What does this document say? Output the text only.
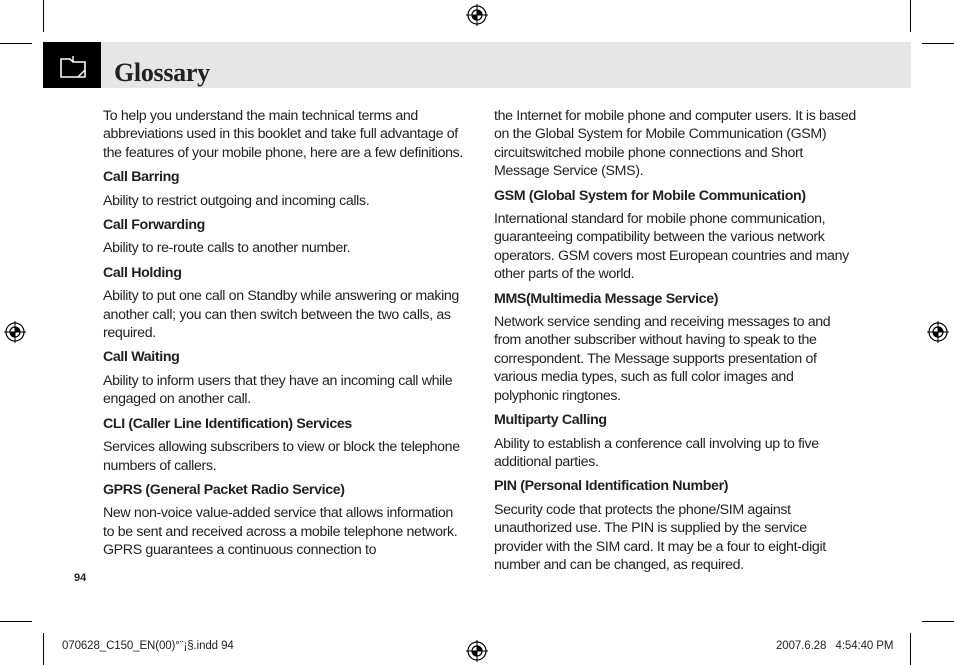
Glossary

To help you understand the main technical terms and abbreviations used in this booklet and take full advantage of the features of your mobile phone, here are a few definitions.

Call Barring

Ability to restrict outgoing and incoming calls.

Call Forwarding

Ability to re-route calls to another number.

Call Holding

Ability to put one call on Standby while answering or making another call; you can then switch between the two calls, as required.

Call Waiting

Ability to inform users that they have an incoming call while engaged on another call.

CLI (Caller Line Identification) Services

Services allowing subscribers to view or block the telephone numbers of callers.

GPRS (General Packet Radio Service)

New non-voice value-added service that allows information to be sent and received across a mobile telephone network. GPRS guarantees a continuous connection to

the Internet for mobile phone and computer users. It is based on the Global System for Mobile Communication (GSM) circuitswitched mobile phone connections and Short Message Service (SMS).

GSM (Global System for Mobile Communication)

International standard for mobile phone communication, guaranteeing compatibility between the various network operators. GSM covers most European countries and many other parts of the world.

MMS(Multimedia Message Service)

Network service sending and receiving messages to and from another subscriber without having to speak to the correspondent. The Message supports presentation of various media types, such as full color images and polyphonic ringtones.

Multiparty Calling

Ability to establish a conference call involving up to five additional parties.

PIN (Personal Identification Number)

Security code that protects the phone/SIM against unauthorized use. The PIN is supplied by the service provider with the SIM card. It may be a four to eight-digit number and can be changed, as required.

94
070628_C150_EN(00)°¨¡§.indd 94	2007.6.28   4:54:40 PM
